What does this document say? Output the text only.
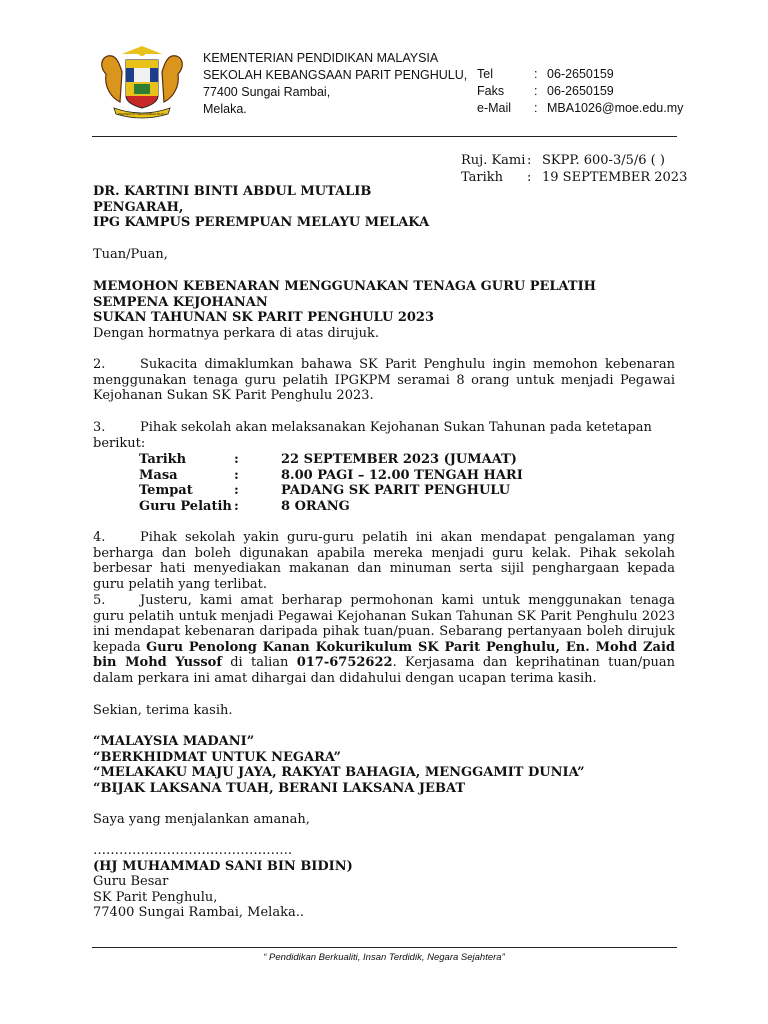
BERSEKUTU BERTAMBAH MUTU
KEMENTERIAN PENDIDIKAN MALAYSIA
SEKOLAH KEBANGSAAN PARIT PENGHULU,
77400 Sungai Rambai,
Melaka.
Tel	: 06-2650159
Faks	: 06-2650159
e-Mail	: MBA1026@moe.edu.my
Ruj. Kami : SKPP. 600-3/5/6 ( )
Tarikh	: 19 SEPTEMBER 2023
DR. KARTINI BINTI ABDUL MUTALIB
PENGARAH,
IPG KAMPUS PEREMPUAN MELAYU MELAKA
Tuan/Puan,
MEMOHON KEBENARAN MENGGUNAKAN TENAGA GURU PELATIH SEMPENA KEJOHANAN
SUKAN TAHUNAN SK PARIT PENGHULU 2023
Dengan hormatnya perkara di atas dirujuk.
2.	Sukacita dimaklumkan bahawa SK Parit Penghulu ingin memohon kebenaran menggunakan tenaga guru pelatih IPGKPM seramai 8 orang untuk menjadi Pegawai Kejohanan Sukan SK Parit Penghulu 2023.
3.	Pihak sekolah akan melaksanakan Kejohanan Sukan Tahunan pada ketetapan berikut:
Tarikh	:	22 SEPTEMBER 2023 (JUMAAT)
Masa	:	8.00 PAGI – 12.00 TENGAH HARI
Tempat	:	PADANG SK PARIT PENGHULU
Guru Pelatih :	8 ORANG
4.	Pihak sekolah yakin guru-guru pelatih ini akan mendapat pengalaman yang berharga dan boleh digunakan apabila mereka menjadi guru kelak. Pihak sekolah berbesar hati menyediakan makanan dan minuman serta sijil penghargaan kepada guru pelatih yang terlibat.
5.	Justeru, kami amat berharap permohonan kami untuk menggunakan tenaga guru pelatih untuk menjadi Pegawai Kejohanan Sukan Tahunan SK Parit Penghulu 2023 ini mendapat kebenaran daripada pihak tuan/puan. Sebarang pertanyaan boleh dirujuk kepada Guru Penolong Kanan Kokurikulum SK Parit Penghulu, En. Mohd Zaid bin Mohd Yussof di talian 017-6752622. Kerjasama dan keprihatinan tuan/puan dalam perkara ini amat dihargai dan didahului dengan ucapan terima kasih.
Sekian, terima kasih.
“MALAYSIA MADANI”
“BERKHIDMAT UNTUK NEGARA”
“MELAKAKU MAJU JAYA, RAKYAT BAHAGIA, MENGGAMIT DUNIA”
“BIJAK LAKSANA TUAH, BERANI LAKSANA JEBAT
Saya yang menjalankan amanah,
……………………………………….
(HJ MUHAMMAD SANI BIN BIDIN)
Guru Besar
SK Parit Penghulu,
77400 Sungai Rambai, Melaka..
“ Pendidikan Berkualiti, Insan Terdidik, Negara Sejahtera”
